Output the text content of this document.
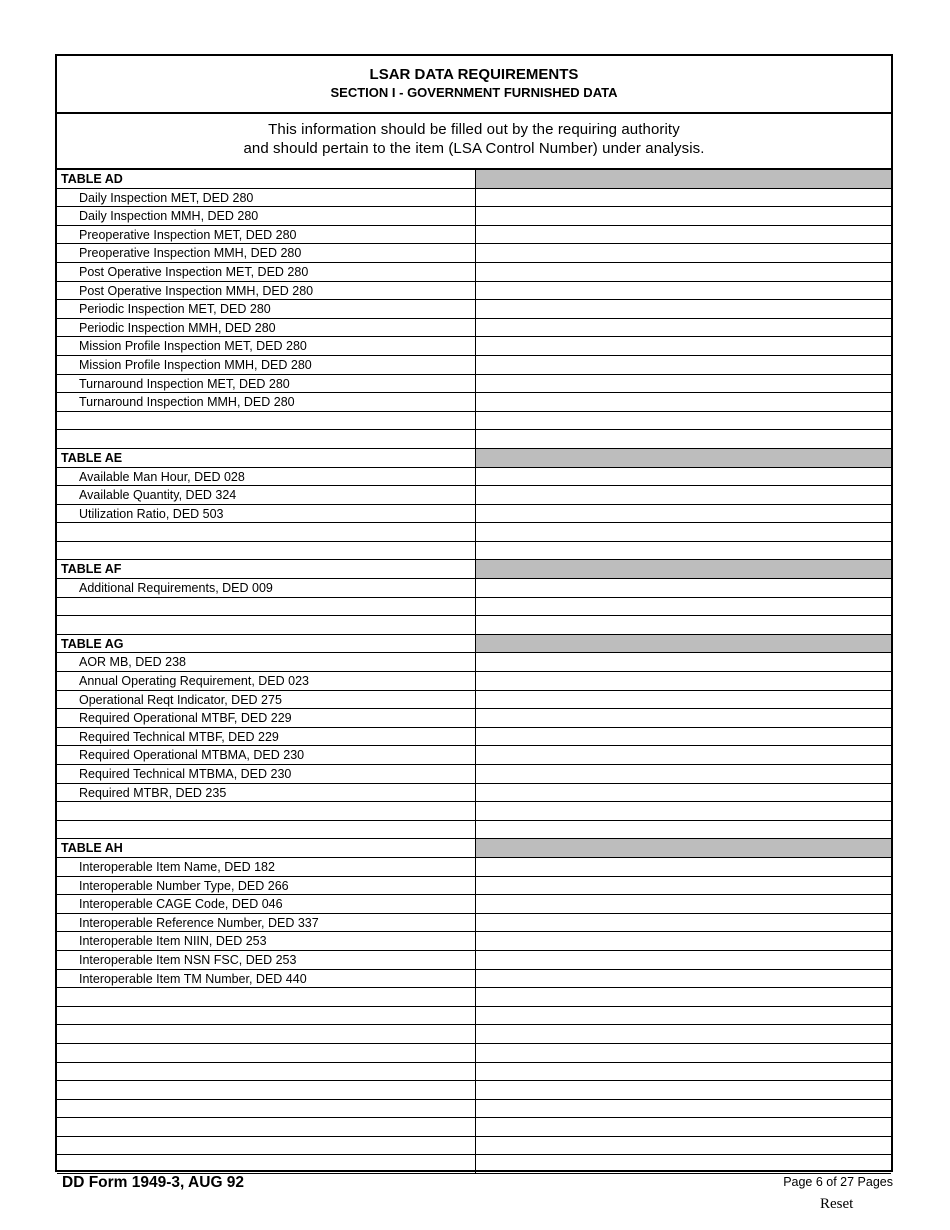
LSAR DATA REQUIREMENTS
SECTION I - GOVERNMENT FURNISHED DATA
This information should be filled out by the requiring authority
and should pertain to the item (LSA Control Number) under analysis.
TABLE AD
Daily Inspection MET, DED 280
Daily Inspection MMH, DED 280
Preoperative Inspection MET, DED 280
Preoperative Inspection MMH, DED 280
Post Operative Inspection MET, DED 280
Post Operative Inspection MMH, DED 280
Periodic Inspection MET, DED 280
Periodic Inspection MMH, DED 280
Mission Profile Inspection MET, DED 280
Mission Profile Inspection MMH, DED 280
Turnaround Inspection MET, DED 280
Turnaround Inspection MMH, DED 280
TABLE AE
Available Man Hour, DED 028
Available Quantity, DED 324
Utilization Ratio, DED 503
TABLE AF
Additional Requirements, DED 009
TABLE AG
AOR MB, DED 238
Annual Operating Requirement, DED 023
Operational Reqt Indicator, DED 275
Required Operational MTBF, DED 229
Required Technical MTBF, DED 229
Required Operational MTBMA, DED 230
Required Technical MTBMA, DED 230
Required MTBR, DED 235
TABLE AH
Interoperable Item Name, DED 182
Interoperable Number Type, DED 266
Interoperable CAGE Code, DED 046
Interoperable Reference Number, DED 337
Interoperable Item NIIN, DED 253
Interoperable Item NSN FSC, DED 253
Interoperable Item TM Number, DED 440
DD Form 1949-3, AUG 92	Page 6 of 27 Pages
Reset
